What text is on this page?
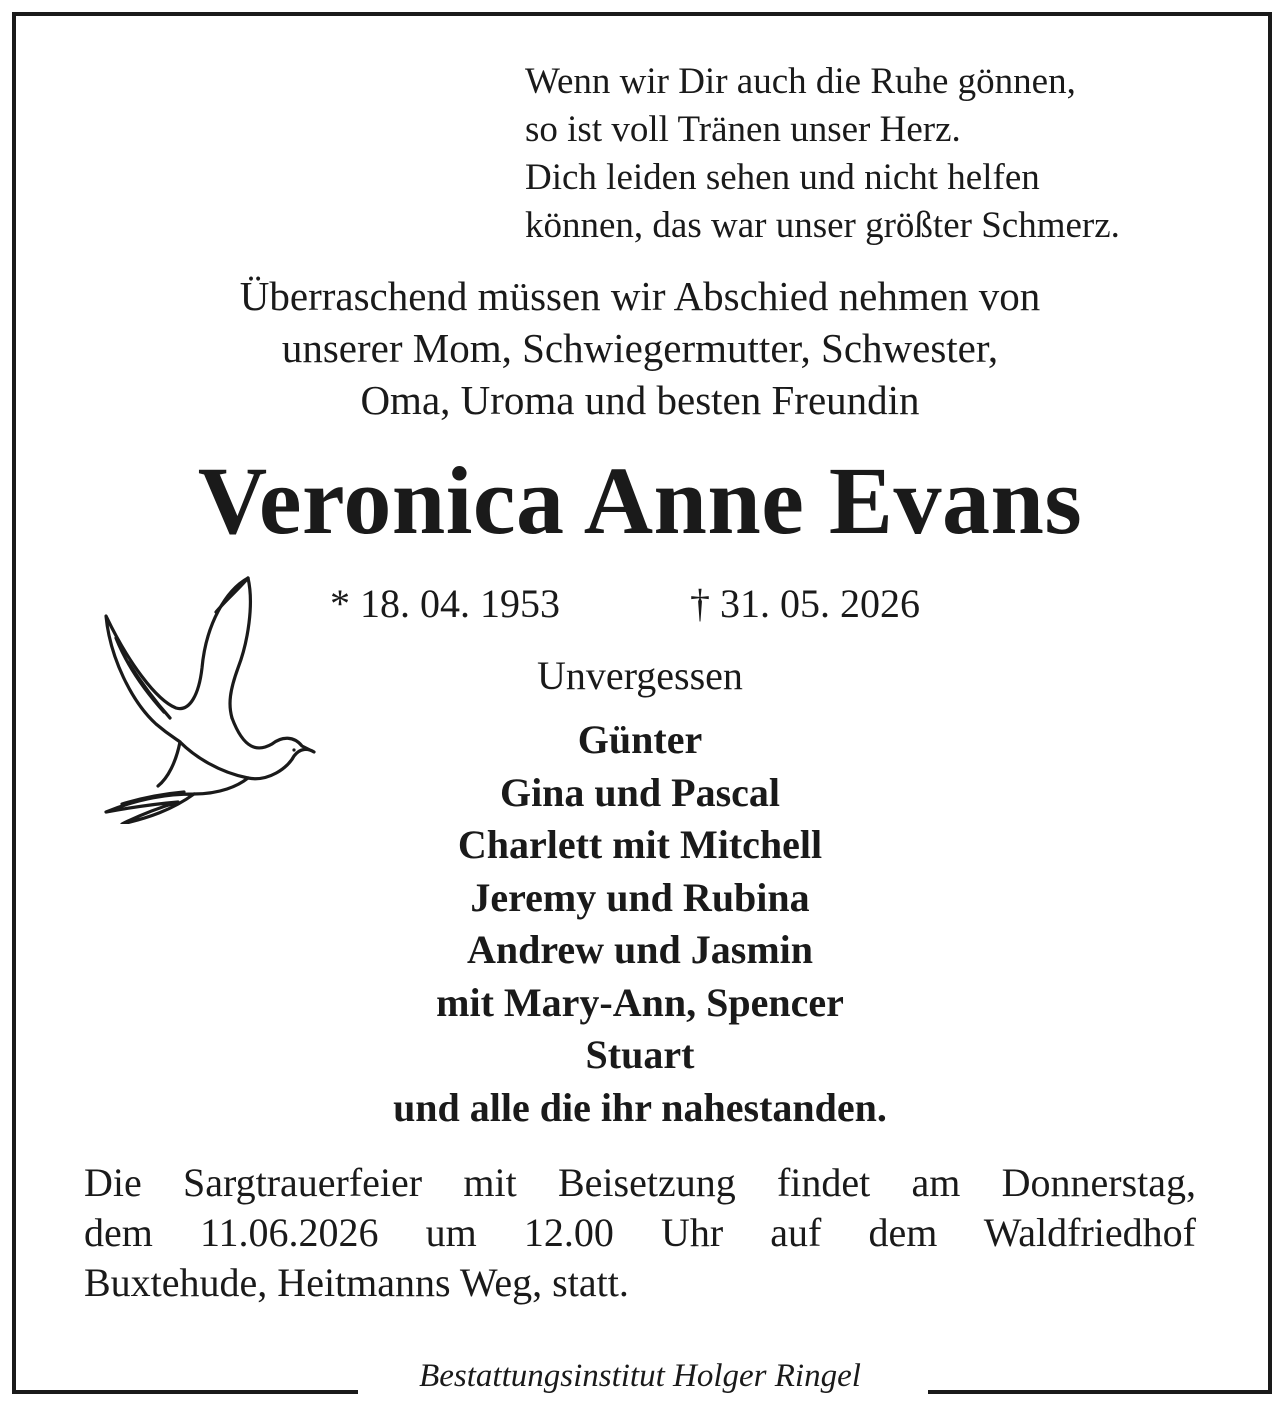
Wenn wir Dir auch die Ruhe gönnen,
so ist voll Tränen unser Herz.
Dich leiden sehen und nicht helfen
können, das war unser größter Schmerz.
Überraschend müssen wir Abschied nehmen von
unserer Mom, Schwiegermutter, Schwester,
Oma, Uroma und besten Freundin
Veronica Anne Evans
* 18. 04. 1953	† 31. 05. 2026
Unvergessen
Günter
Gina und Pascal
Charlett mit Mitchell
Jeremy und Rubina
Andrew und Jasmin
mit Mary-Ann, Spencer
Stuart
und alle die ihr nahestanden.
Die Sargtrauerfeier mit Beisetzung findet am Donnerstag,
dem 11.06.2026 um 12.00 Uhr auf dem Waldfriedhof
Buxtehude, Heitmanns Weg, statt.
Bestattungsinstitut Holger Ringel
